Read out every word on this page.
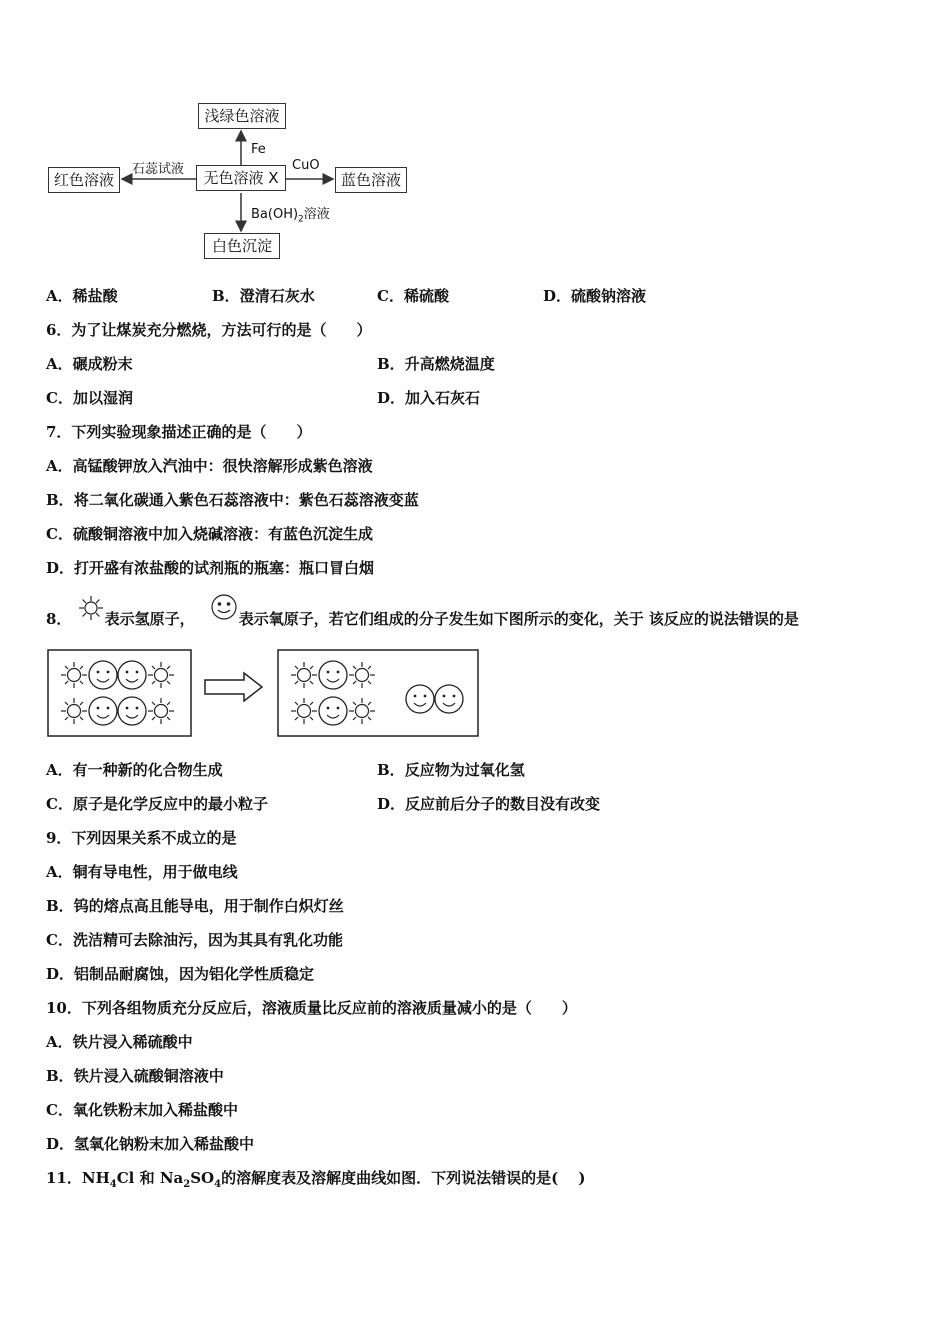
浅绿色溶液
红色溶液	无色溶液 X	蓝色溶液
白色沉淀
Fe
石蕊试液	CuO
$Ba(OH)_2$溶液
A．稀盐酸	B．澄清石灰水	C．稀硫酸	D．硫酸钠溶液
6．为了让煤炭充分燃烧，方法可行的是（　　）
A．碾成粉末	B．升高燃烧温度
C．加以湿润	D．加入石灰石
7．下列实验现象描述正确的是（　　）
A．高锰酸钾放入汽油中：很快溶解形成紫色溶液
B．将二氧化碳通入紫色石蕊溶液中：紫色石蕊溶液变蓝
C．硫酸铜溶液中加入烧碱溶液：有蓝色沉淀生成
D．打开盛有浓盐酸的试剂瓶的瓶塞：瓶口冒白烟
8． 表示氢原子，	表示氧原子，若它们组成的分子发生如下图所示的变化，关于 该反应的说法错误的是
A．有一种新的化合物生成	B．反应物为过氧化氢
C．原子是化学反应中的最小粒子	D．反应前后分子的数目没有改变
9．下列因果关系不成立的是
A．铜有导电性，用于做电线
B．钨的熔点高且能导电，用于制作白炽灯丝
C．洗洁精可去除油污，因为其具有乳化功能
D．铝制品耐腐蚀，因为铝化学性质稳定
10．下列各组物质充分反应后，溶液质量比反应前的溶液质量减小的是（　　）
A．铁片浸入稀硫酸中
B．铁片浸入硫酸铜溶液中
C．氧化铁粉末加入稀盐酸中
D．氢氧化钠粉末加入稀盐酸中
11．$NH_4Cl$ 和 $Na_2SO_4$的溶解度表及溶解度曲线如图．下列说法错误的是(　 )
